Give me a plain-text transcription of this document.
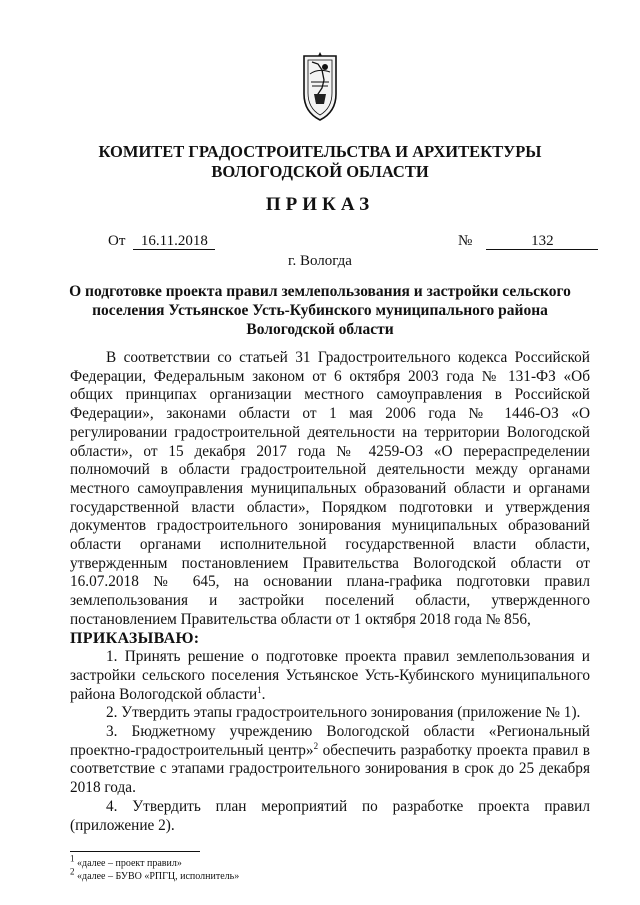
КОМИТЕТ ГРАДОСТРОИТЕЛЬСТВА И АРХИТЕКТУРЫ

ВОЛОГОДСКОЙ ОБЛАСТИ

ПРИКАЗ

От 16.11.2018	№	132
г. Вологда
О подготовке проекта правил землепользования и застройки сельского поселения Устьянское Усть-Кубинского муниципального района Вологодской области

В соответствии со статьей 31 Градостроительного кодекса Российской Федерации, Федеральным законом от 6 октября 2003 года № 131-ФЗ «Об общих принципах организации местного самоуправления в Российской Федерации», законами области от 1 мая 2006 года № 1446-ОЗ «О регулировании градостроительной деятельности на территории Вологодской области», от 15 декабря 2017 года № 4259-ОЗ «О перераспределении полномочий в области градостроительной деятельности между органами местного самоуправления муниципальных образований области и органами государственной власти области», Порядком подготовки и утверждения документов градостроительного зонирования муниципальных образований области органами исполнительной государственной власти области, утвержденным постановлением Правительства Вологодской области от 16.07.2018 № 645, на основании плана-графика подготовки правил землепользования и застройки поселений области, утвержденного постановлением Правительства области от 1 октября 2018 года № 856,

ПРИКАЗЫВАЮ:

1. Принять решение о подготовке проекта правил землепользования и застройки сельского поселения Устьянское Усть-Кубинского муниципального района Вологодской области$^1$.

2. Утвердить этапы градостроительного зонирования (приложение № 1).

3. Бюджетному учреждению Вологодской области «Региональный проектно-градостроительный центр»$^2$ обеспечить разработку проекта правил в соответствие с этапами градостроительного зонирования в срок до 25 декабря 2018 года.

4. Утвердить план мероприятий по разработке проекта правил (приложение 2).

$^1$ «далее – проект правил»

$^2$ «далее – БУВО «РПГЦ, исполнитель»
